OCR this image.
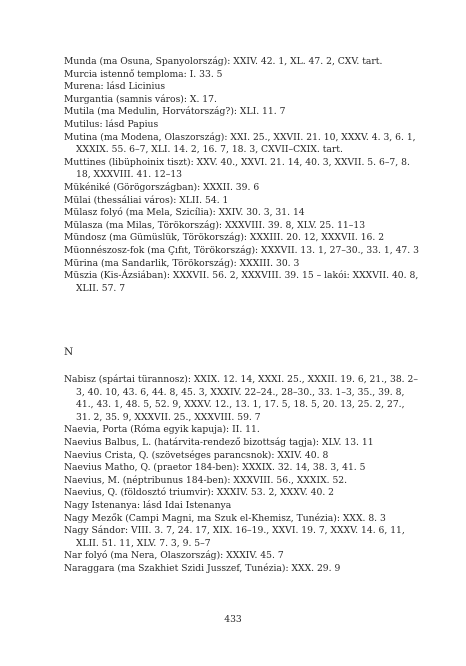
Munda (ma Osuna, Spanyolország): XXIV. 42. 1, XL. 47. 2, CXV. tart.

Murcia istennő temploma: I. 33. 5

Murena: lásd Licinius

Murgantia (samnis város): X. 17.

Mutila (ma Medulin, Horvátország?): XLI. 11. 7

Mutilus: lásd Papius

Mutina (ma Modena, Olaszország): XXI. 25., XXVII. 21. 10, XXXV. 4. 3, 6. 1, XXXIX. 55. 6–7, XLI. 14. 2, 16. 7, 18. 3, CXVII–CXIX. tart.

Muttines (libüphoinix tiszt): XXV. 40., XXVI. 21. 14, 40. 3, XXVII. 5. 6–7, 8. 18, XXXVIII. 41. 12–13

Mükéniké (Görögországban): XXXII. 39. 6

Mülai (thessáliai város): XLII. 54. 1

Mülasz folyó (ma Mela, Szicília): XXIV. 30. 3, 31. 14

Mülasza (ma Milas, Törökország): XXXVIII. 39. 8, XLV. 25. 11–13

Mündosz (ma Gümüslük, Törökország): XXXIII. 20. 12, XXXVII. 16. 2

Müonnészosz-fok (ma Çıfıt, Törökország): XXXVII. 13. 1, 27–30., 33. 1, 47. 3

Mürina (ma Sandarlik, Törökország): XXXIII. 30. 3

Müszia (Kis-Ázsiában): XXXVII. 56. 2, XXXVIII. 39. 15 – lakói: XXXVII. 40. 8, XLII. 57. 7

N

Nabisz (spártai türannosz): XXIX. 12. 14, XXXI. 25., XXXII. 19. 6, 21., 38. 2–3, 40. 10, 43. 6, 44. 8, 45. 3, XXXIV. 22–24., 28–30., 33. 1–3, 35., 39. 8, 41., 43. 1, 48. 5, 52. 9, XXXV. 12., 13. 1, 17. 5, 18. 5, 20. 13, 25. 2, 27., 31. 2, 35. 9, XXXVII. 25., XXXVIII. 59. 7

Naevia, Porta (Róma egyik kapuja): II. 11.

Naevius Balbus, L. (határvita-rendező bizottság tagja): XLV. 13. 11

Naevius Crista, Q. (szövetséges parancsnok): XXIV. 40. 8

Naevius Matho, Q. (praetor 184-ben): XXXIX. 32. 14, 38. 3, 41. 5

Naevius, M. (néptribunus 184-ben): XXXVIII. 56., XXXIX. 52.

Naevius, Q. (földosztó triumvir): XXXIV. 53. 2, XXXV. 40. 2

Nagy Istenanya: lásd Idai Istenanya

Nagy Mezők (Campi Magni, ma Szuk el-Khemisz, Tunézia): XXX. 8. 3

Nagy Sándor: VIII. 3. 7, 24. 17, XIX. 16–19., XXVI. 19. 7, XXXV. 14. 6, 11, XLII. 51. 11, XLV. 7. 3, 9. 5–7

Nar folyó (ma Nera, Olaszország): XXXIV. 45. 7

Naraggara (ma Szakhiet Szidi Jusszef, Tunézia): XXX. 29. 9

433
